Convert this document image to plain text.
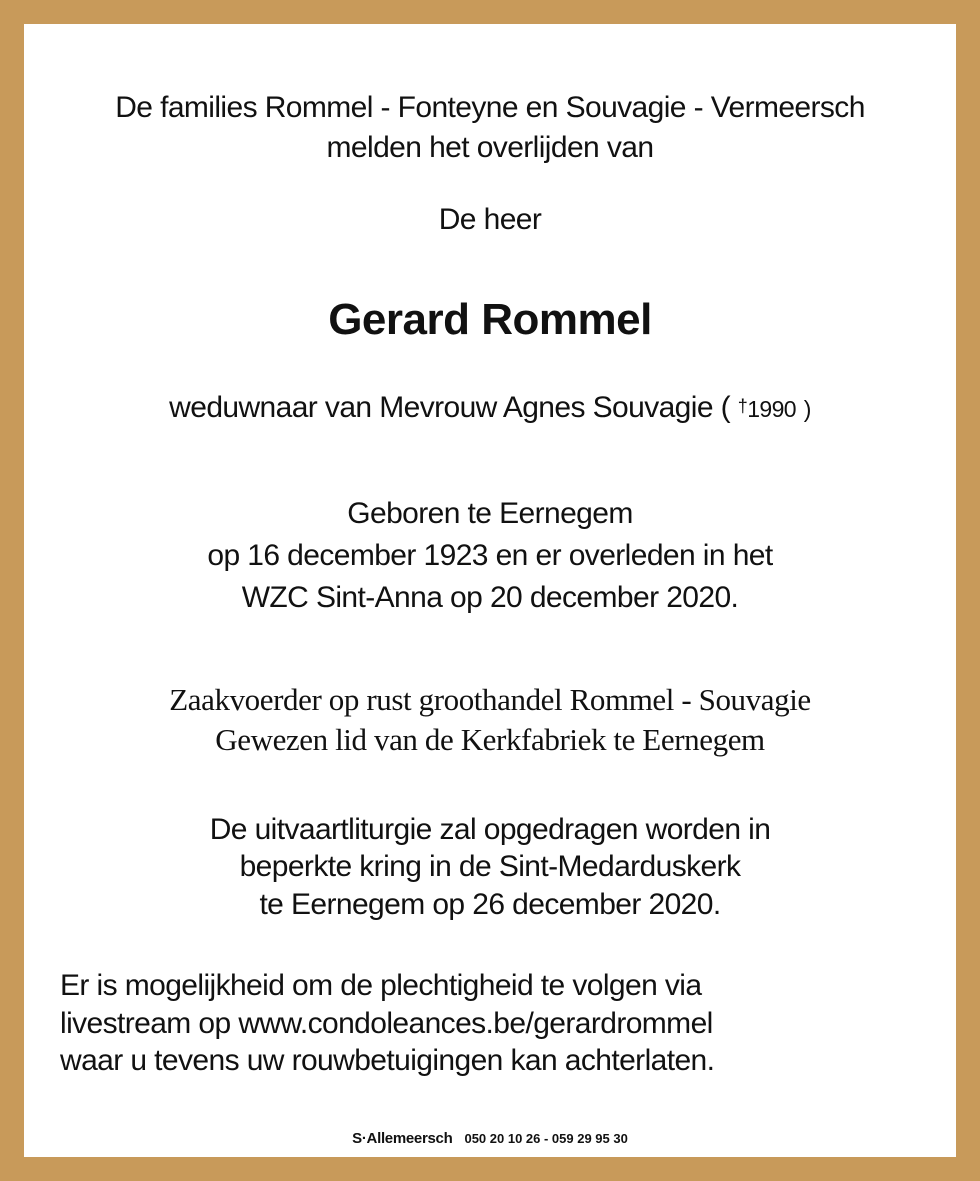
De families Rommel - Fonteyne en Souvagie - Vermeersch
melden het overlijden van
De heer
Gerard Rommel
weduwnaar van Mevrouw Agnes Souvagie ( †1990 )
Geboren te Eernegem
op 16 december 1923 en er overleden in het
WZC Sint-Anna op 20 december 2020.
Zaakvoerder op rust groothandel Rommel - Souvagie
Gewezen lid van de Kerkfabriek te Eernegem
De uitvaartliturgie zal opgedragen worden in
beperkte kring in de Sint-Medarduskerk
te Eernegem op 26 december 2020.
Er is mogelijkheid om de plechtigheid te volgen via
livestream op www.condoleances.be/gerardrommel
waar u tevens uw rouwbetuigingen kan achterlaten.
S·Allemeersch 050 20 10 26 - 059 29 95 30
